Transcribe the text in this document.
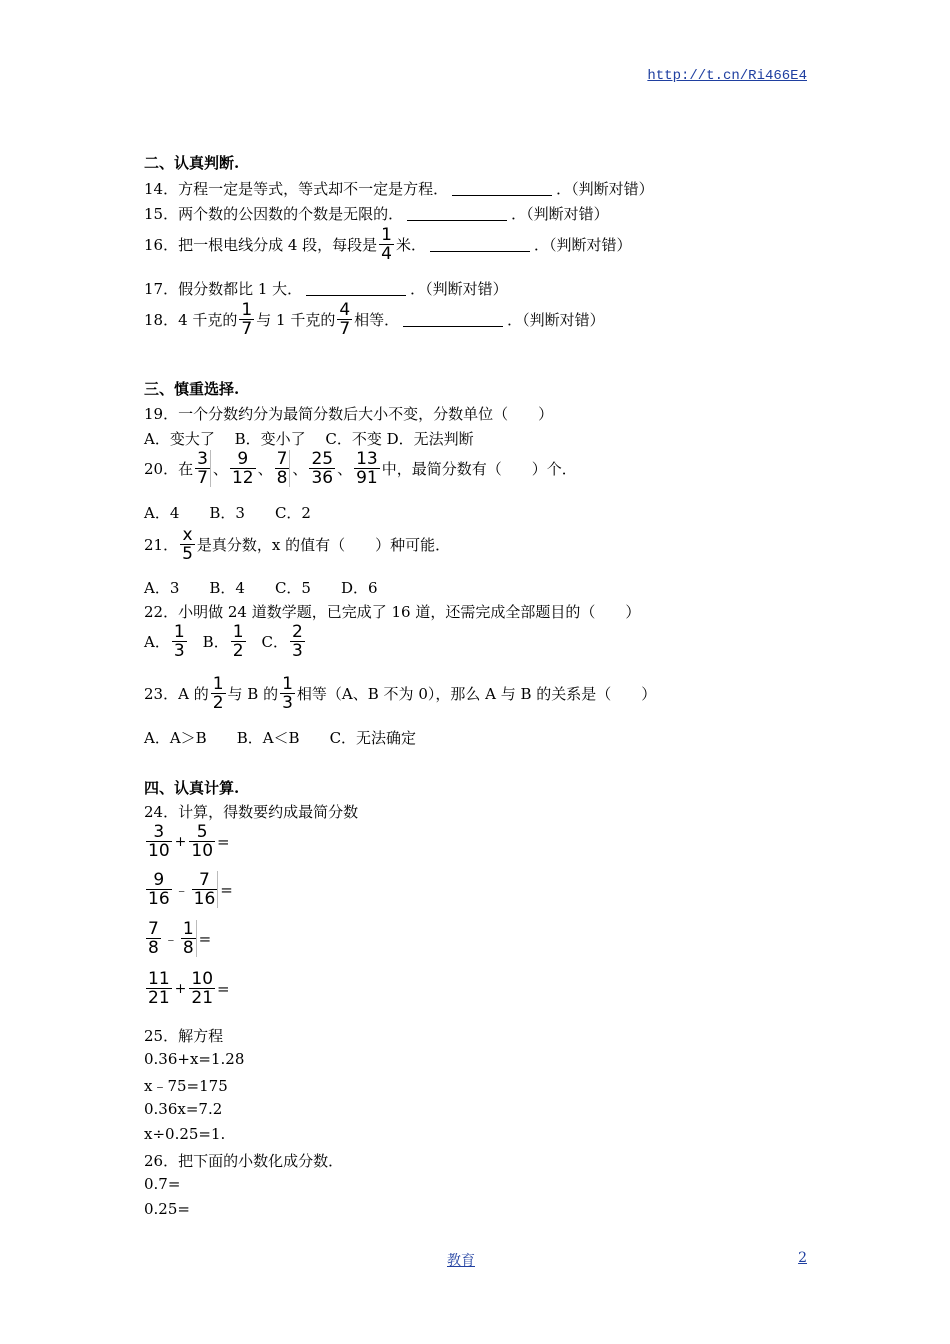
http://t.cn/Ri466E4
二、认真判断.
14．方程一定是等式，等式却不一定是方程．	．（判断对错）
15．两个数的公因数的个数是无限的．	．（判断对错）
16．把一根电线分成 4 段，每段是 $\frac{1}{4}$ 米．	．（判断对错）
17．假分数都比 1 大．	．（判断对错）
18．4 千克的 $\frac{1}{7}$ 与 1 千克的 $\frac{4}{7}$ 相等．	．（判断对错）
三、慎重选择.
19．一个分数约分为最简分数后大小不变，分数单位（　　）
A．变大了　 B．变小了　 C．不变 D．无法判断
20．在 $\frac{3}{7}$ 、 $\frac{9}{12}$ 、 $\frac{7}{8}$ 、 $\frac{25}{36}$ 、 $\frac{13}{91}$ 中，最简分数有（　　）个．
A．4　　B．3　　C．2
21． $\frac{x}{5}$ 是真分数，x 的值有（　　）种可能．
A．3　　B．4　　C．5　　D．6
22．小明做 24 道数学题，已完成了 16 道，还需完成全部题目的（　　）
A． $\frac{1}{3}$ B． $\frac{1}{2}$ C． $\frac{2}{3}$
23．A 的 $\frac{1}{2}$ 与 B 的 $\frac{1}{3}$ 相等（A、B 不为 0），那么 A 与 B 的关系是（　　）
A．A＞B　　B．A＜B　　C．无法确定
四、认真计算.
24．计算，得数要约成最简分数
$\frac{3}{10} + \frac{5}{10}$ =
$\frac{9}{16}$ ﹣ $\frac{7}{16}$ =
$\frac{7}{8}$ ﹣ $\frac{1}{8}$ =
$\frac{11}{21} + \frac{10}{21}$ =
25．解方程
0.36+x=1.28
x﹣75=175
0.36x=7.2
x÷0.25=1.
26．把下面的小数化成分数．
0.7=
0.25=
教育	2
